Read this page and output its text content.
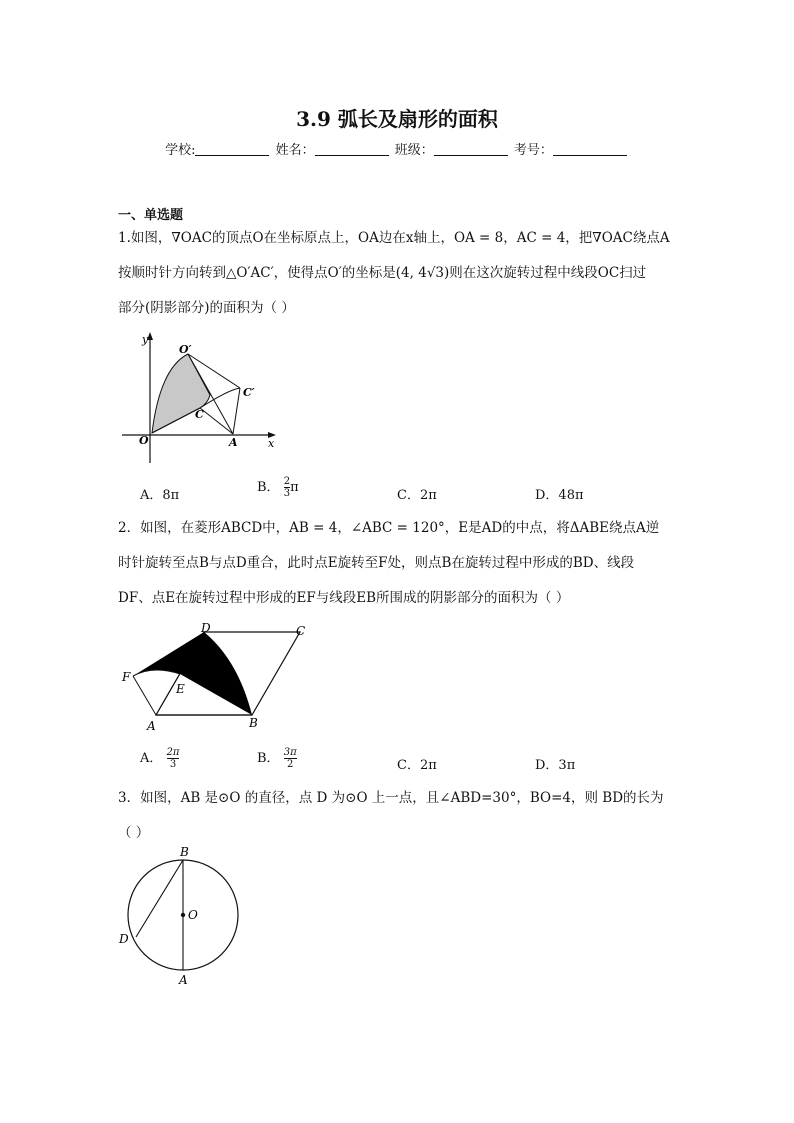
3.9 弧长及扇形的面积
学校:	姓名：	班级：	考号：
一、单选题
1.如图，∇OAC的顶点O在坐标原点上，OA边在x轴上，OA = 8，AC = 4，把∇OAC绕点A
按顺时针方向转到△O′AC′，使得点O′的坐标是(4, 4√3)则在这次旋转过程中线段OC扫过
部分(阴影部分)的面积为（ ）
y
x
O	A
C
O′
C′
A．8π
B． $\frac{2}{3}$ π
C．2π	D．48π
2．如图，在菱形ABCD中，AB = 4，∠ABC = 120°，E是AD的中点，将ΔABE绕点A逆
时针旋转至点B与点D重合，此时点E旋转至F处，则点B在旋转过程中形成的BD、线段
DF、点E在旋转过程中形成的EF与线段EB所围成的阴影部分的面积为（ ）
D	C
F
E
A	B
A． $\frac{2\pi}{3}$	B． $\frac{3\pi}{2}$	C．2π	D．3π
3．如图，AB 是⊙O 的直径，点 D 为⊙O 上一点，且∠ABD=30°，BO=4，则 BD的长为
（ ）
B
O
D
A
